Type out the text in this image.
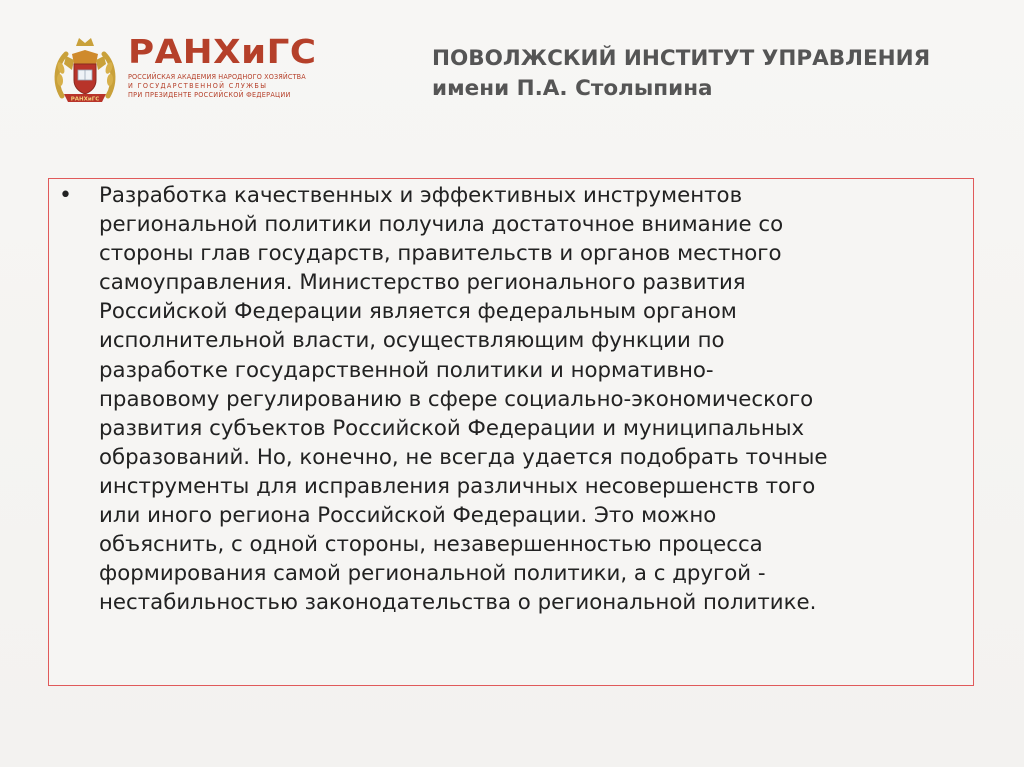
РАНХиГС
РАНХиГС
РОССИЙСКАЯ АКАДЕМИЯ НАРОДНОГО ХОЗЯЙСТВА
И ГОСУДАРСТВЕННОЙ СЛУЖБЫ
ПРИ ПРЕЗИДЕНТЕ РОССИЙСКОЙ ФЕДЕРАЦИИ
ПОВОЛЖСКИЙ ИНСТИТУТ УПРАВЛЕНИЯ
имени П.А. Столыпина
• Разработка качественных и эффективных инструментов
региональной политики получила достаточное внимание со
стороны глав государств, правительств и органов местного
самоуправления. Министерство регионального развития
Российской Федерации является федеральным органом
исполнительной власти, осуществляющим функции по
разработке государственной политики и нормативно-
правовому регулированию в сфере социально-экономического
развития субъектов Российской Федерации и муниципальных
образований. Но, конечно, не всегда удается подобрать точные
инструменты для исправления различных несовершенств того
или иного региона Российской Федерации. Это можно
объяснить, с одной стороны, незавершенностью процесса
формирования самой региональной политики, а с другой -
нестабильностью законодательства о региональной политике.
